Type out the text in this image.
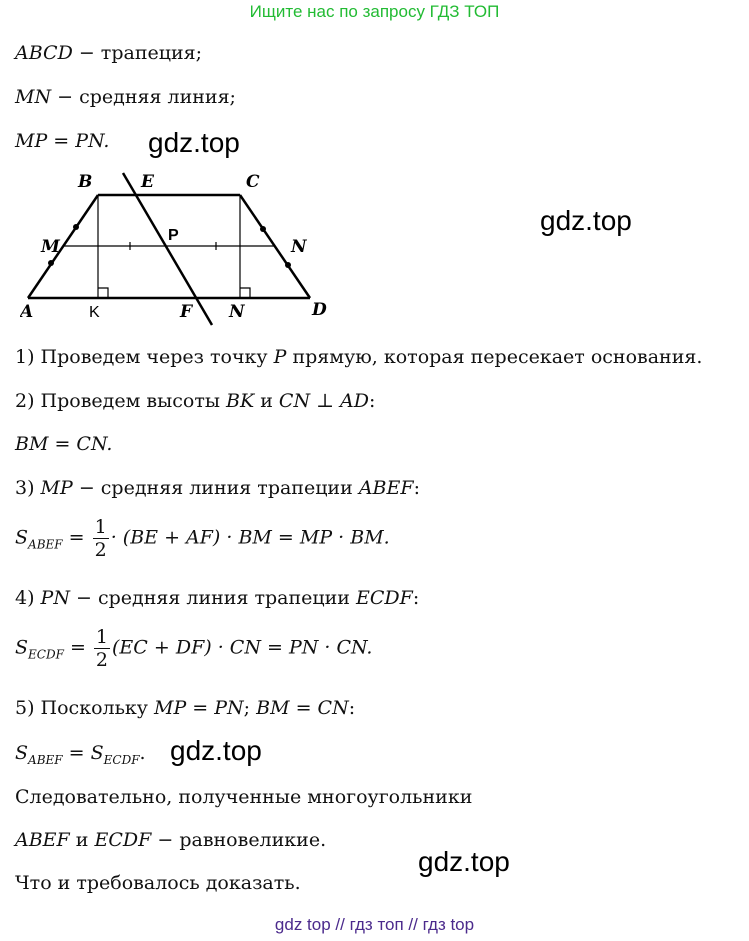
Ищите нас по запросу ГДЗ ТОП
ABCD − трапеция;
MN − средняя линия;
MP = PN. gdz.top
gdz.top
B	E	C
M
P
N
A	K	F N	D
1) Проведем через точку P прямую, которая пересекает основания.
2) Проведем высоты BK и CN ⊥ AD:
BM = CN.
3) MP − средняя линия трапеции ABEF:
$S_{ABEF} = \frac{1}{2} \cdot (BE + AF)$ · BM = MP · BM.
4) PN − средняя линия трапеции ECDF:
$S_{ECDF} = \frac{1}{2} (EC + DF)$ · CN = PN · CN.
5) Поскольку MP = PN; BM = CN:
$S_{ABEF} = S_{ECDF}$. gdz.top
Следовательно, полученные многоугольники
ABEF и ECDF − равновеликие.
gdz.top
Что и требовалось доказать.
gdz top // гдз топ // гдз top
